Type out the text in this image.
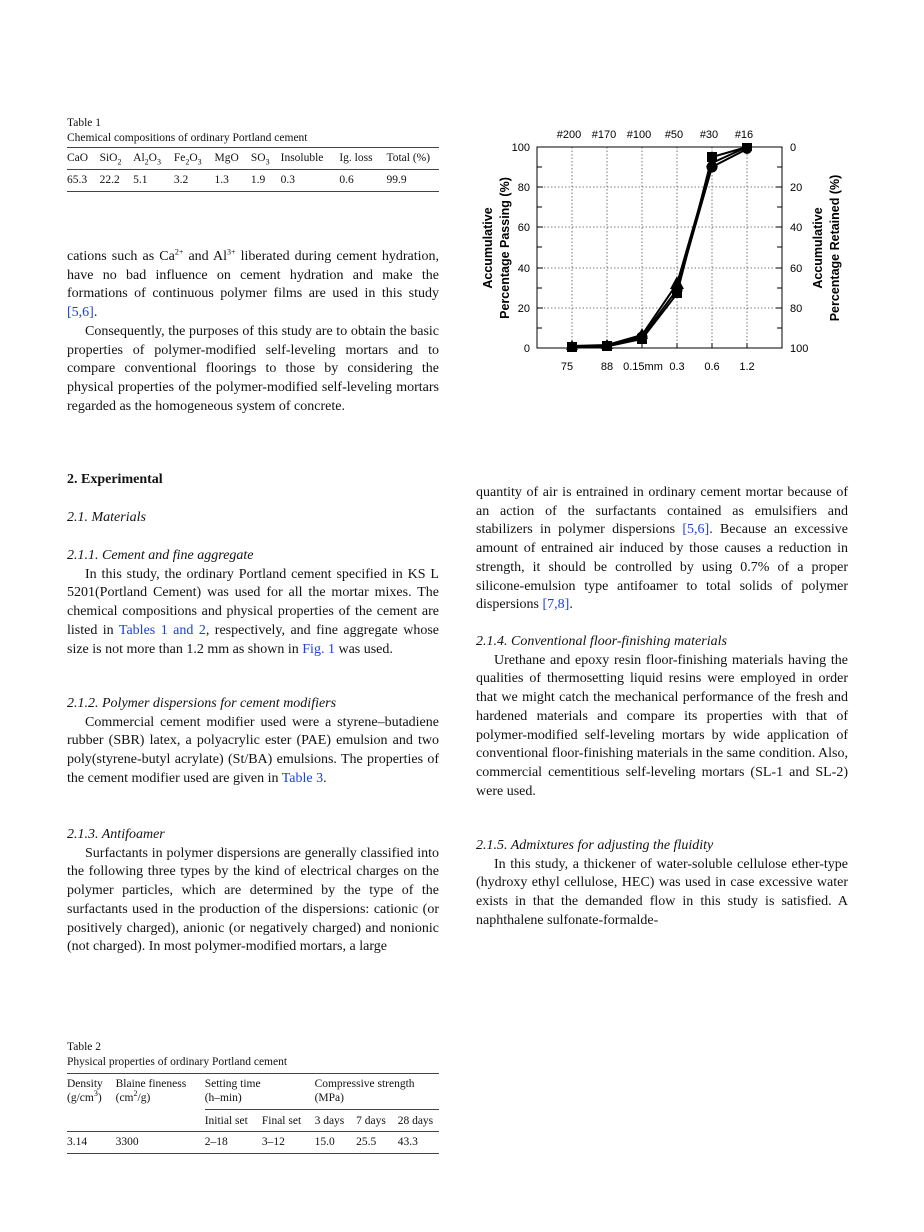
Table 1
Chemical compositions of ordinary Portland cement
CaO	SiO$_2$	$Al_2O_3$	$Fe_2O_3$	MgO	$SO_3$	Insoluble	Ig. loss	Total (%)
65.3	22.2	5.1	3.2	1.3	1.9	0.3	0.6	99.9
100
80
60
40
20
0
0
20
40
60
80
100
75	88 0.15mm 0.3 0.6 1.2
#200 #170 #100 #50 #30 #16
Accumulative Percentage Passing (%)	Accumulative Percentage Retained (%)

cations such as $Ca^{2+}$ and $Al^{3+}$ liberated during cement hydration, have no bad influence on cement hydration and make the formations of continuous polymer films are used in this study [5,6].

Consequently, the purposes of this study are to obtain the basic properties of polymer-modified self-leveling mortars and to compare conventional floorings to those by considering the physical properties of the polymer-modified self-leveling mortars regarded as the homogeneous system of concrete.

2. Experimental
2.1. Materials

2.1.1. Cement and fine aggregate

In this study, the ordinary Portland cement specified in KS L 5201(Portland Cement) was used for all the mortar mixes. The chemical compositions and physical properties of the cement are listed in Tables 1 and 2, respectively, and fine aggregate whose size is not more than 1.2 mm as shown in Fig. 1 was used.

2.1.2. Polymer dispersions for cement modifiers

Commercial cement modifier used were a styrene–butadiene rubber (SBR) latex, a polyacrylic ester (PAE) emulsion and two poly(styrene-butyl acrylate) (St/BA) emulsions. The properties of the cement modifier used are given in Table 3.

2.1.3. Antifoamer

Surfactants in polymer dispersions are generally classified into the following three types by the kind of electrical charges on the polymer particles, which are determined by the type of the surfactants used in the production of the dispersions: cationic (or positively charged), anionic (or negatively charged) and nonionic (not charged). In most polymer-modified mortars, a large

quantity of air is entrained in ordinary cement mortar because of an action of the surfactants contained as emulsifiers and stabilizers in polymer dispersions [5,6]. Because an excessive amount of entrained air induced by those causes a reduction in strength, it should be controlled by using 0.7% of a proper silicone-emulsion type antifoamer to total solids of polymer dispersions [7,8].

2.1.4. Conventional floor-finishing materials

Urethane and epoxy resin floor-finishing materials having the qualities of thermosetting liquid resins were employed in order that we might catch the mechanical performance of the fresh and hardened materials and compare its properties with that of polymer-modified self-leveling mortars by wide application of conventional floor-finishing materials in the same condition. Also, commercial cementitious self-leveling mortars (SL-1 and SL-2) were used.

2.1.5. Admixtures for adjusting the fluidity

In this study, a thickener of water-soluble cellulose ether-type (hydroxy ethyl cellulose, HEC) was used in case excessive water exists in that the demanded flow in this study is satisfied. A naphthalene sulfonate-formalde-

Table 2
Physical properties of ordinary Portland cement
Density
$(g/cm^3)$	Blaine fineness
$(cm^2/g)$	Setting time
(h–min)		Compressive strength
(MPa)		
		Initial set	Final set	3 days	7 days	28 days
3.14	3300	2–18	3–12	15.0	25.5	43.3
